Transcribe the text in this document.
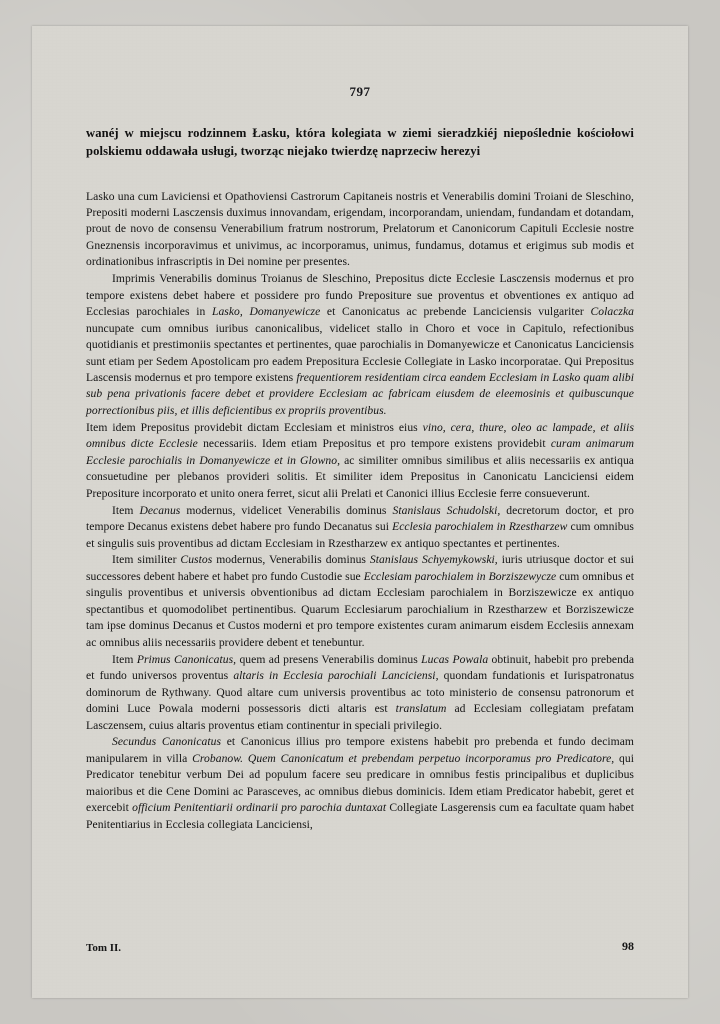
797
wanéj w miejscu rodzinnem Łasku, która kolegiata w ziemi sieradzkiéj niepoślednie kościołowi polskiemu oddawała usługi, tworząc niejako twierdzę naprzeciw herezyi

Lasko una cum Laviciensi et Opathoviensi Castrorum Capitaneis nostris et Venerabilis domini Troiani de Sleschino, Prepositi moderni Lasczensis duximus innovandam, erigendam, incorporandam, uniendam, fundandam et dotandam, prout de novo de consensu Venerabilium fratrum nostrorum, Prelatorum et Canonicorum Capituli Ecclesie nostre Gneznensis incorporavimus et univimus, ac incorporamus, unimus, fundamus, dotamus et erigimus sub modis et ordinationibus infrascriptis in Dei nomine per presentes.

Imprimis Venerabilis dominus Troianus de Sleschino, Prepositus dicte Ecclesie Lasczensis modernus et pro tempore existens debet habere et possidere pro fundo Prepositure sue proventus et obventiones ex antiquo ad Ecclesias parochiales in Lasko, Domanyewicze et Canonicatus ac prebende Lanciciensis vulgariter Colaczka nuncupate cum omnibus iuribus canonicalibus, videlicet stallo in Choro et voce in Capitulo, refectionibus quotidianis et prestimoniis spectantes et pertinentes, quae parochialis in Domanyewicze et Canonicatus Lanciciensis sunt etiam per Sedem Apostolicam pro eadem Prepositura Ecclesie Collegiate in Lasko incorporatae. Qui Prepositus Lascensis modernus et pro tempore existens frequentiorem residentiam circa eandem Ecclesiam in Lasko quam alibi sub pena privationis facere debet et providere Ecclesiam ac fabricam eiusdem de eleemosinis et quibuscunque porrectionibus piis, et illis deficientibus ex propriis proventibus.

Item idem Prepositus providebit dictam Ecclesiam et ministros eius vino, cera, thure, oleo ac lampade, et aliis omnibus dicte Ecclesie necessariis. Idem etiam Prepositus et pro tempore existens providebit curam animarum Ecclesie parochialis in Domanyewicze et in Glowno, ac similiter omnibus similibus et aliis necessariis ex antiqua consuetudine per plebanos provideri solitis. Et similiter idem Prepositus in Canonicatu Lanciciensi eidem Prepositure incorporato et unito onera ferret, sicut alii Prelati et Canonici illius Ecclesie ferre consueverunt.

Item Decanus modernus, videlicet Venerabilis dominus Stanislaus Schudolski, decretorum doctor, et pro tempore Decanus existens debet habere pro fundo Decanatus sui Ecclesia parochialem in Rzestharzew cum omnibus et singulis suis proventibus ad dictam Ecclesiam in Rzestharzew ex antiquo spectantes et pertinentes.

Item similiter Custos modernus, Venerabilis dominus Stanislaus Schyemykowski, iuris utriusque doctor et sui successores debent habere et habet pro fundo Custodie sue Ecclesiam parochialem in Borziszewycze cum omnibus et singulis proventibus et universis obventionibus ad dictam Ecclesiam parochialem in Borziszewicze ex antiquo spectantibus et quomodolibet pertinentibus. Quarum Ecclesiarum parochialium in Rzestharzew et Borziszewicze tam ipse dominus Decanus et Custos moderni et pro tempore existentes curam animarum eisdem Ecclesiis annexam ac omnibus aliis necessariis providere debent et tenebuntur.

Item Primus Canonicatus, quem ad presens Venerabilis dominus Lucas Powala obtinuit, habebit pro prebenda et fundo universos proventus altaris in Ecclesia parochiali Lanciciensi, quondam fundationis et Iurispatronatus dominorum de Rythwany. Quod altare cum universis proventibus ac toto ministerio de consensu patronorum et domini Luce Powala moderni possessoris dicti altaris est translatum ad Ecclesiam collegiatam prefatam Lasczensem, cuius altaris proventus etiam continentur in speciali privilegio.

Secundus Canonicatus et Canonicus illius pro tempore existens habebit pro prebenda et fundo decimam manipularem in villa Crobanow. Quem Canonicatum et prebendam perpetuo incorporamus pro Predicatore, qui Predicator tenebitur verbum Dei ad populum facere seu predicare in omnibus festis principalibus et duplicibus maioribus et die Cene Domini ac Parasceves, ac omnibus diebus dominicis. Idem etiam Predicator habebit, geret et exercebit officium Penitentiarii ordinarii pro parochia duntaxat Collegiate Lasgerensis cum ea facultate quam habet Penitentiarius in Ecclesia collegiata Lanciciensi,

Tom II.	98
